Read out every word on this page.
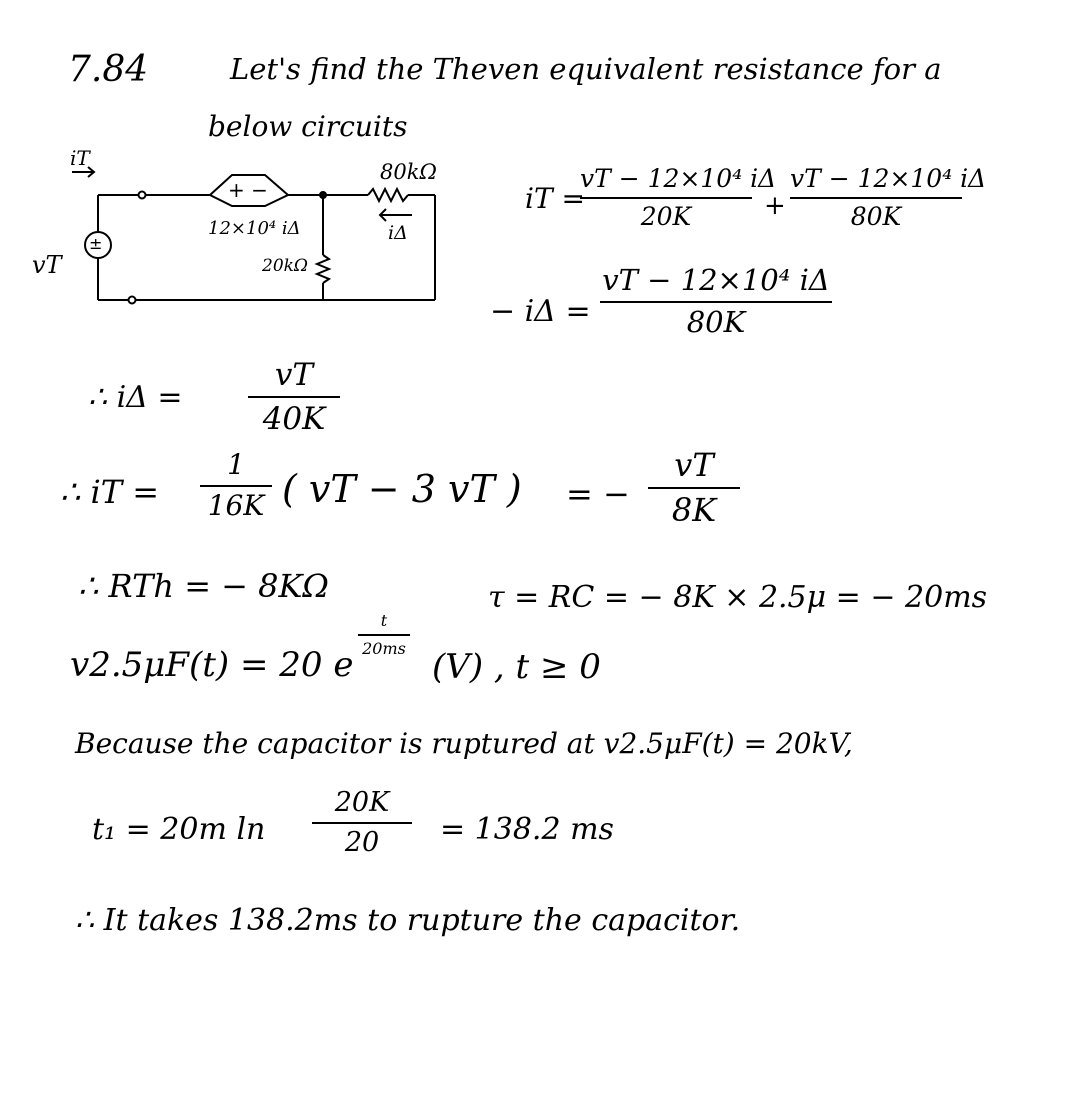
7.84	Let's find the Theven equivalent resistance for a
below circuits
iT
vT
±
+ −
12×10⁴ iΔ
80kΩ
20kΩ
iΔ
iT =
vT − 12×10⁴ iΔ
20K	+
vT − 12×10⁴ iΔ
80K
− iΔ =
vT − 12×10⁴ iΔ
80K
∴ iΔ =
vT
40K
∴ iT =
1
16K ( vT − 3 vT ) = −
vT
8K
∴ RTh = − 8KΩ	τ = RC = − 8K × 2.5μ = − 20ms
v2.5μF(t) = 20 e
t
20ms (V) , t ≥ 0
Because the capacitor is ruptured at v2.5μF(t) = 20kV,
t₁ = 20m ln
20K
20	= 138.2 ms
∴ It takes 138.2ms to rupture the capacitor.
